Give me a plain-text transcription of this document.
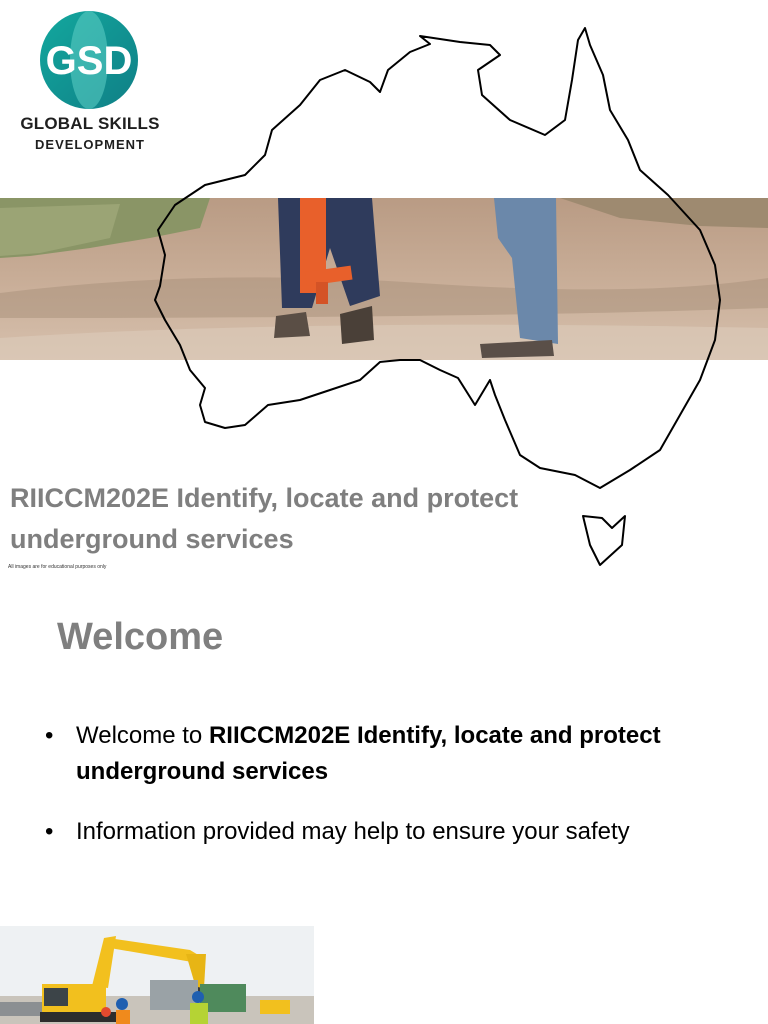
GSD
GLOBAL SKILLS
DEVELOPMENT
RIICCM202E Identify, locate and protect underground services
All images are for educational purposes only
Welcome
• Welcome to RIICCM202E Identify, locate and protect underground services
• Information provided may help to ensure your safety
